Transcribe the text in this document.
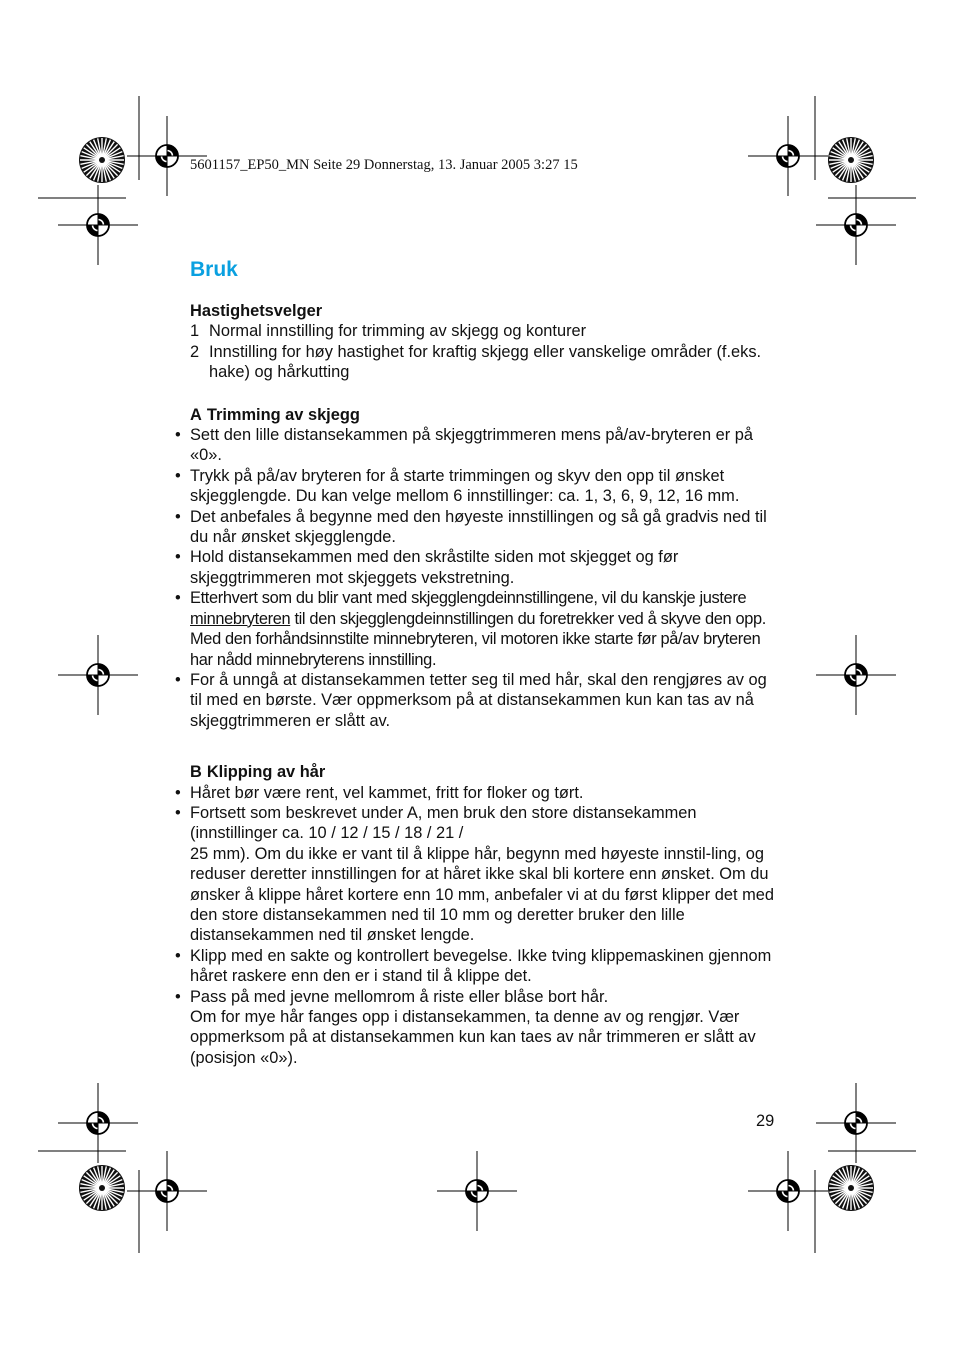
5601157_EP50_MN Seite 29 Donnerstag, 13. Januar 2005 3:27 15

Bruk
Hastighetsvelger
1 Normal innstilling for trimming av skjegg og konturer
2 Innstilling for høy hastighet for kraftig skjegg eller vanskelige områder (f.eks. hake) og hårkutting
A Trimming av skjegg

• Sett den lille distansekammen på skjeggtrimmeren mens på/av-bryteren er på «0».

• Trykk på på/av bryteren for å starte trimmingen og skyv den opp til ønsket skjegglengde. Du kan velge mellom 6 innstillinger: ca. 1, 3, 6, 9, 12, 16 mm.

• Det anbefales å begynne med den høyeste innstillingen og så gå gradvis ned til du når ønsket skjegglengde.

• Hold distansekammen med den skråstilte siden mot skjegget og før skjeggtrimmeren mot skjeggets vekstretning.

• Etterhvert som du blir vant med skjegglengdeinnstillingene, vil du kanskje justere minnebryteren til den skjegglengdeinnstillingen du foretrekker ved å skyve den opp. Med den forhåndsinnstilte minnebryteren, vil motoren ikke starte før på/av bryteren har nådd minnebryterens innstilling.

• For å unngå at distansekammen tetter seg til med hår, skal den rengjøres av og til med en børste. Vær oppmerksom på at distansekammen kun kan tas av nå skjeggtrimmeren er slått av.

B Klipping av hår

• Håret bør være rent, vel kammet, fritt for floker og tørt.

• Fortsett som beskrevet under A, men bruk den store distansekammen
(innstillinger ca. 10 / 12 / 15 / 18 / 21 /
25 mm). Om du ikke er vant til å klippe hår, begynn med høyeste innstil-ling, og reduser deretter innstillingen for at håret ikke skal bli kortere enn ønsket. Om du ønsker å klippe håret kortere enn 10 mm, anbefaler vi at du først klipper det med den store distansekammen ned til 10 mm og deretter bruker den lille distansekammen ned til ønsket lengde.

• Klipp med en sakte og kontrollert bevegelse. Ikke tving klippemaskinen gjennom håret raskere enn den er i stand til å klippe det.

• Pass på med jevne mellomrom å riste eller blåse bort hår.
Om for mye hår fanges opp i distansekammen, ta denne av og rengjør. Vær oppmerksom på at distansekammen kun kan taes av når trimmeren er slått av (posisjon «0»).

29
